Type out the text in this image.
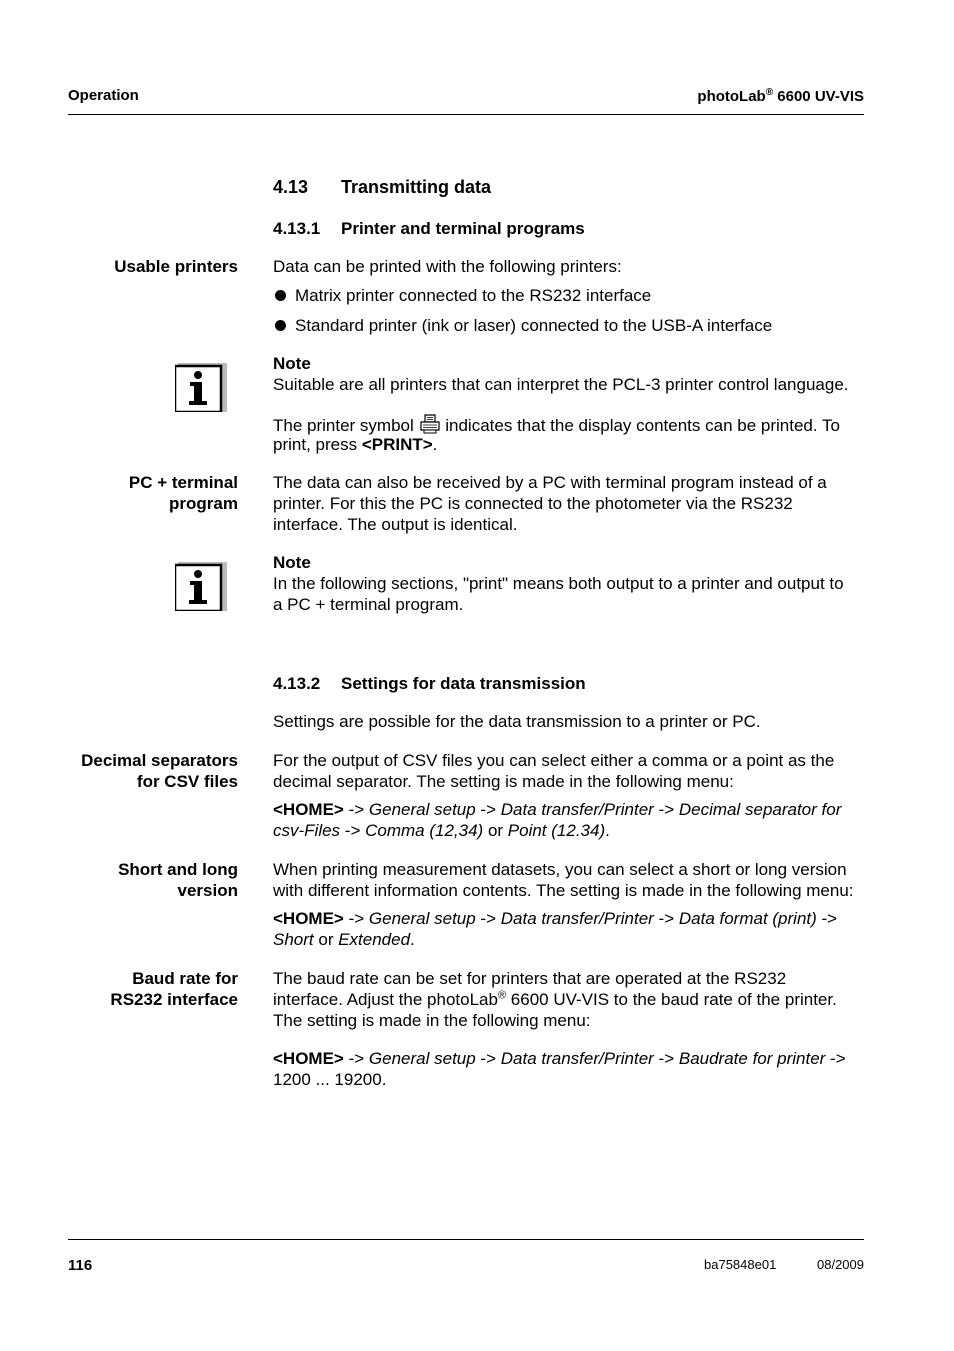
Operation	photoLab® 6600 UV-VIS
4.13 Transmitting data
4.13.1 Printer and terminal programs
Usable printers Data can be printed with the following printers:
Matrix printer connected to the RS232 interface
Standard printer (ink or laser) connected to the USB-A interface
Note
Suitable are all printers that can interpret the PCL-3 printer control language.
The printer symbol indicates that the display contents can be printed. To
print, press <PRINT>.
PC + terminal
program
The data can also be received by a PC with terminal program instead of a
printer. For this the PC is connected to the photometer via the RS232
interface. The output is identical.
Note
In the following sections, "print" means both output to a printer and output to
a PC + terminal program.
4.13.2 Settings for data transmission
Settings are possible for the data transmission to a printer or PC.
Decimal separators
for CSV files
For the output of CSV files you can select either a comma or a point as the
decimal separator. The setting is made in the following menu:
<HOME> -> General setup -> Data transfer/Printer -> Decimal separator for
csv-Files -> Comma (12,34) or Point (12.34).
Short and long
version
When printing measurement datasets, you can select a short or long version
with different information contents. The setting is made in the following menu:
<HOME> -> General setup -> Data transfer/Printer -> Data format (print) ->
Short or Extended.
Baud rate for
RS232 interface
The baud rate can be set for printers that are operated at the RS232
interface. Adjust the photoLab® 6600 UV-VIS to the baud rate of the printer.
The setting is made in the following menu:
<HOME> -> General setup -> Data transfer/Printer -> Baudrate for printer ->
1200 ... 19200.
116	ba75848e01	08/2009
